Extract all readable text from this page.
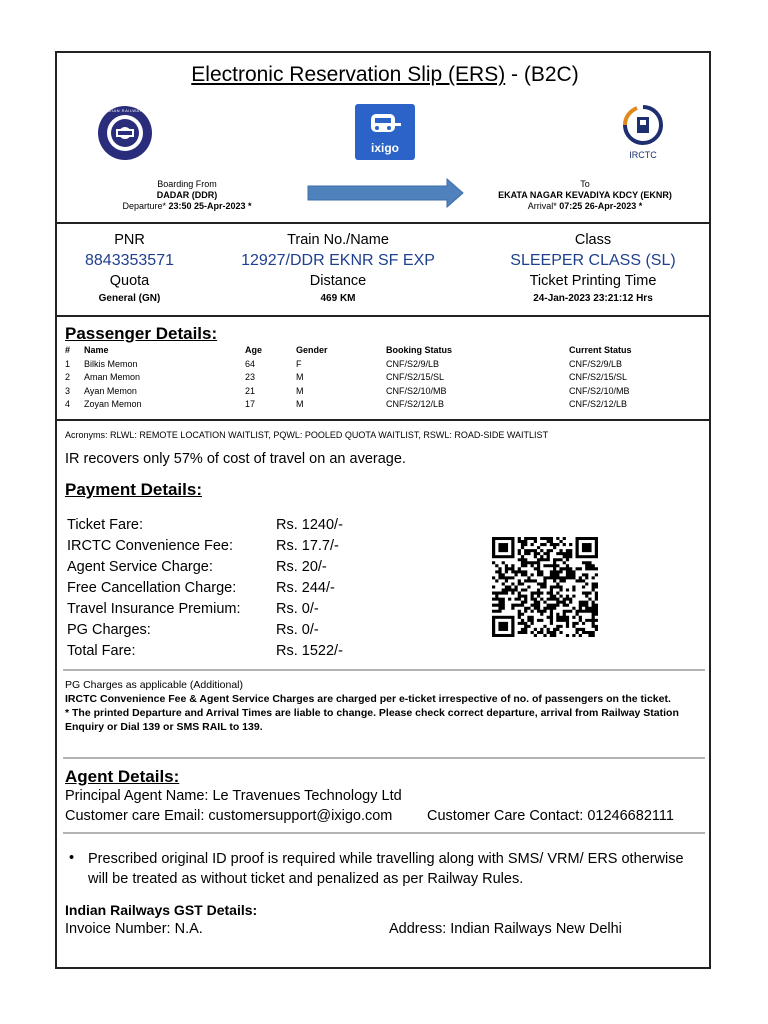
Electronic Reservation Slip (ERS) - (B2C)
• INDIAN RAILWAYS •
ixigo	IRCTC
Boarding From
DADAR (DDR)
Departure* 23:50 25-Apr-2023 *
To
EKATA NAGAR KEVADIYA KDCY (EKNR)
Arrival* 07:25 26-Apr-2023 *
PNR
8843353571
Quota
General (GN)
Train No./Name
12927/DDR EKNR SF EXP
Distance
469 KM
Class
SLEEPER CLASS (SL)
Ticket Printing Time
24-Jan-2023 23:21:12 Hrs
Passenger Details:
# Name	Age	Gender	Booking Status	Current Status
1 Bilkis Memon	64	F	CNF/S2/9/LB	CNF/S2/9/LB
2 Aman Memon	23	M	CNF/S2/15/SL	CNF/S2/15/SL
3 Ayan Memon	21	M	CNF/S2/10/MB	CNF/S2/10/MB
4 Zoyan Memon	17	M	CNF/S2/12/LB	CNF/S2/12/LB
Acronyms: RLWL: REMOTE LOCATION WAITLIST, PQWL: POOLED QUOTA WAITLIST, RSWL: ROAD-SIDE WAITLIST
IR recovers only 57% of cost of travel on an average.
Payment Details:
Ticket Fare:	Rs. 1240/-
IRCTC Convenience Fee:	Rs. 17.7/-
Agent Service Charge:	Rs. 20/-
Free Cancellation Charge:	Rs. 244/-
Travel Insurance Premium: Rs. 0/-
PG Charges:	Rs. 0/-
Total Fare:	Rs. 1522/-
PG Charges as applicable (Additional)
IRCTC Convenience Fee & Agent Service Charges are charged per e-ticket irrespective of no. of passengers on the ticket.
* The printed Departure and Arrival Times are liable to change. Please check correct departure, arrival from Railway Station Enquiry or Dial 139 or SMS RAIL to 139.
Agent Details:
Principal Agent Name: Le Travenues Technology Ltd
Customer care Email: customersupport@ixigo.com Customer Care Contact: 01246682111
• Prescribed original ID proof is required while travelling along with SMS/ VRM/ ERS otherwise will be treated as without ticket and penalized as per Railway Rules.
Indian Railways GST Details:
Invoice Number: N.A.	Address: Indian Railways New Delhi
